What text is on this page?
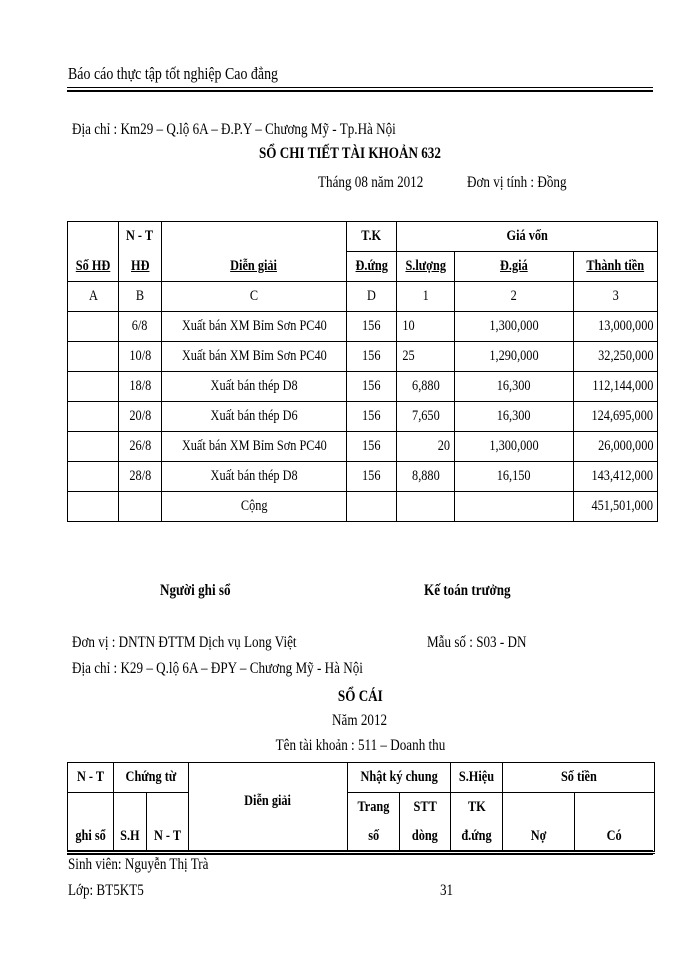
Báo cáo thực tập tốt nghiệp Cao đẳng
Địa chỉ : Km29 – Q.lộ 6A – Đ.P.Y – Chương Mỹ - Tp.Hà Nội
SỔ CHI TIẾT TÀI KHOẢN 632
Tháng 08 năm 2012	Đơn vị tính : Đồng
	N - T		T.K	Giá vốn		
Số HĐ	HĐ	Diễn giải	Đ.ứng	S.lượng	Đ.giá	Thành tiền
A	B	C	D	1	2	3
	6/8	Xuất bán XM Bỉm Sơn PC40	156	10	1,300,000	13,000,000
	10/8	Xuất bán XM Bỉm Sơn PC40	156	25	1,290,000	32,250,000
	18/8	Xuất bán thép D8	156	6,880	16,300	112,144,000
	20/8	Xuất bán thép D6	156	7,650	16,300	124,695,000
	26/8	Xuất bán XM Bỉm Sơn PC40	156	20	1,300,000	26,000,000
	28/8	Xuất bán thép D8	156	8,880	16,150	143,412,000
		Cộng				451,501,000
Người ghi sổ	Kế toán trưởng
Đơn vị : DNTN ĐTTM Dịch vụ Long Việt	Mẫu số : S03 - DN
Địa chỉ : K29 – Q.lộ 6A – ĐPY – Chương Mỹ - Hà Nội
SỔ CÁI
Năm 2012
Tên tài khoản : 511 – Doanh thu
N - T	Chứng từ			Nhật ký chung		S.Hiệu	Số tiền	
			Diễn giải	Trang	STT	TK		
ghi sổ	S.H	N - T		số	dòng	đ.ứng	Nợ	Có
Sinh viên: Nguyễn Thị Trà
Lớp: BT5KT5	31
